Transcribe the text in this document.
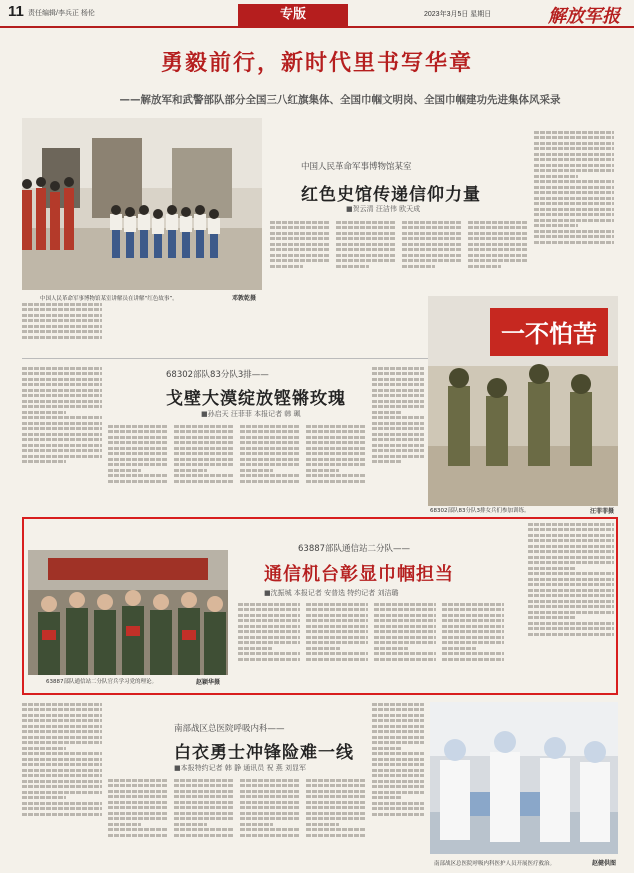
11 责任编辑/李兵正 杨伦	专版	2023年3月5日 星期日	解放军报
勇毅前行，新时代里书写华章
——解放军和武警部队部分全国三八红旗集体、全国巾帼文明岗、全国巾帼建功先进集体风采录
中国人民革命军事博物馆某室讲解员在讲解“红色故事”。	邓敦乾摄
中国人民革命军事博物馆某室
红色史馆传递信仰力量
■贺云清 汪洁伟 欧天成
68302部队83分队3排——
戈壁大漠绽放铿锵玫瑰
■孙启天 汪菲菲 本报记者 韩 珮
一不怕苦
68302部队83分队3排女兵们参加训练。	汪菲菲摄
63887部队通信站二分队官兵学习党的理论。	赵颖华摄
63887部队通信站二分队——
通信机台彰显巾帼担当
■沈振城 本报记者 安普选 特约记者 刘洁璐
南部战区总医院呼吸内科——
白衣勇士冲锋险难一线
■本报特约记者 韩 静 通讯员 祝 燕 刘显军
南部战区总医院呼吸内科医护人员开展医疗救治。	赵健供图
